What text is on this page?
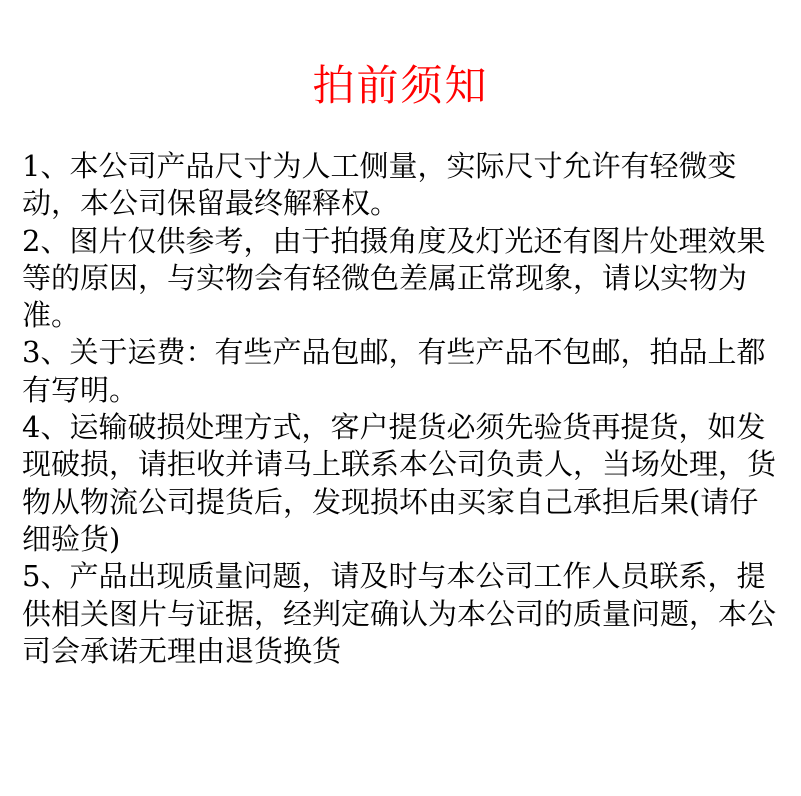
拍前须知
1、本公司产品尺寸为人工侧量，实际尺寸允许有轻微变动，本公司保留最终解释权。
2、图片仅供参考，由于拍摄角度及灯光还有图片处理效果等的原因，与实物会有轻微色差属正常现象，请以实物为准。
3、关于运费：有些产品包邮，有些产品不包邮，拍品上都有写明。
4、运输破损处理方式，客户提货必须先验货再提货，如发现破损，请拒收并请马上联系本公司负责人，当场处理，货物从物流公司提货后，发现损坏由买家自己承担后果(请仔细验货)
5、产品出现质量问题，请及时与本公司工作人员联系，提供相关图片与证据，经判定确认为本公司的质量问题，本公司会承诺无理由退货换货
